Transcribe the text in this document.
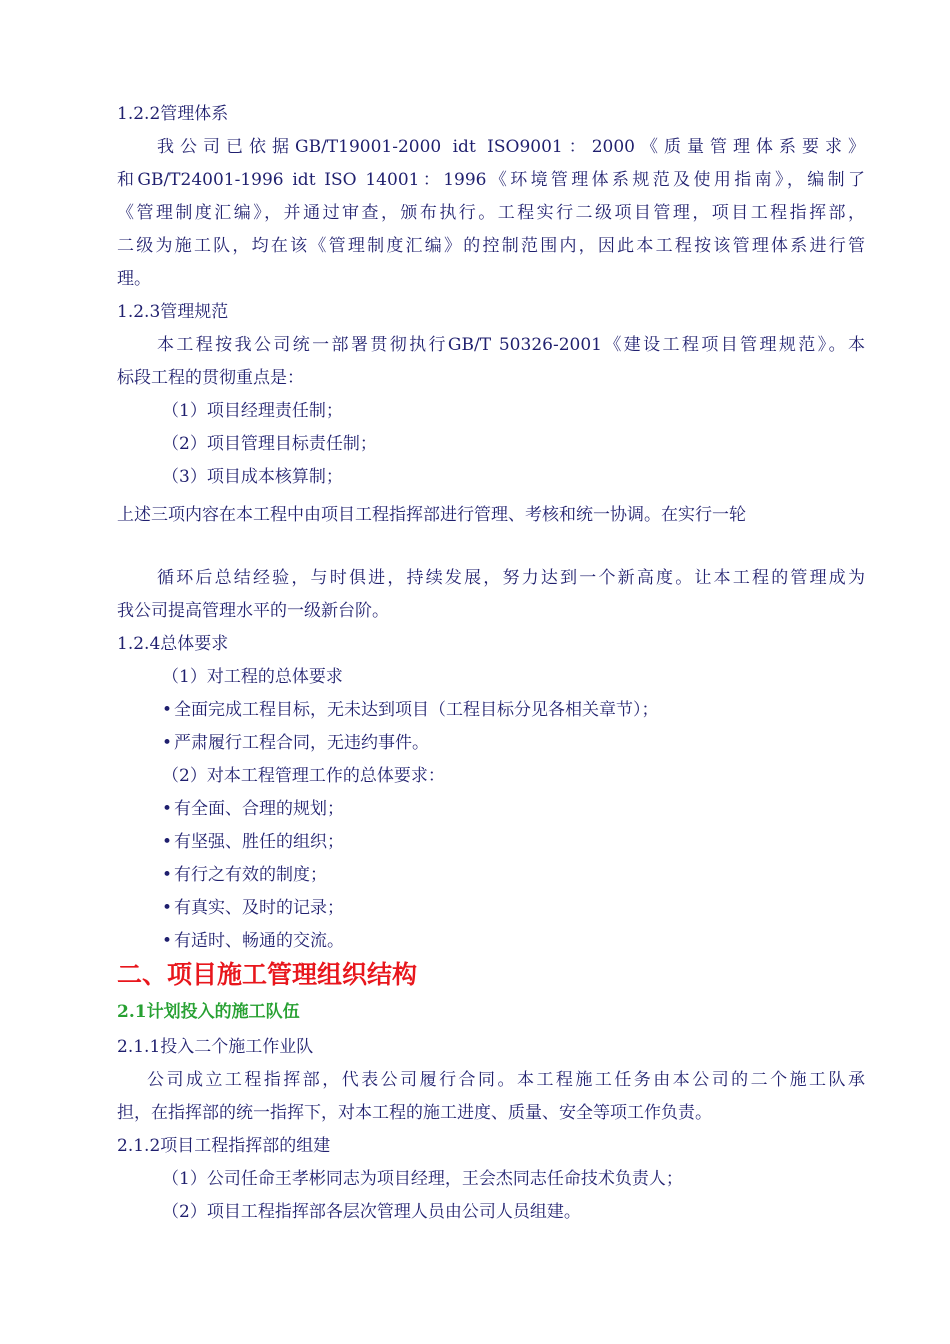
1.2.2管理体系
我公司已依据GB/T19001-2000 idt ISO9001：2000《质量管理体系要求》
和GB/T24001-1996 idt ISO 14001：1996《环境管理体系规范及使用指南》，编制了
《管理制度汇编》，并通过审查，颁布执行。工程实行二级项目管理，项目工程指挥部，
二级为施工队，均在该《管理制度汇编》的控制范围内，因此本工程按该管理体系进行管
理。
1.2.3管理规范
本工程按我公司统一部署贯彻执行GB/T 50326-2001《建设工程项目管理规范》。本
标段工程的贯彻重点是：
（1）项目经理责任制；
（2）项目管理目标责任制；
（3）项目成本核算制；
上述三项内容在本工程中由项目工程指挥部进行管理、考核和统一协调。在实行一轮
循环后总结经验，与时俱进，持续发展，努力达到一个新高度。让本工程的管理成为
我公司提高管理水平的一级新台阶。
1.2.4总体要求
（1）对工程的总体要求
• 全面完成工程目标，无未达到项目（工程目标分见各相关章节）；
• 严肃履行工程合同，无违约事件。
（2）对本工程管理工作的总体要求：
• 有全面、合理的规划；
• 有坚强、胜任的组织；
• 有行之有效的制度；
• 有真实、及时的记录；
• 有适时、畅通的交流。
二、项目施工管理组织结构
2.1计划投入的施工队伍
2.1.1投入二个施工作业队
公司成立工程指挥部，代表公司履行合同。本工程施工任务由本公司的二个施工队承
担，在指挥部的统一指挥下，对本工程的施工进度、质量、安全等项工作负责。
2.1.2项目工程指挥部的组建
（1）公司任命王孝彬同志为项目经理，王会杰同志任命技术负责人；
（2）项目工程指挥部各层次管理人员由公司人员组建。
